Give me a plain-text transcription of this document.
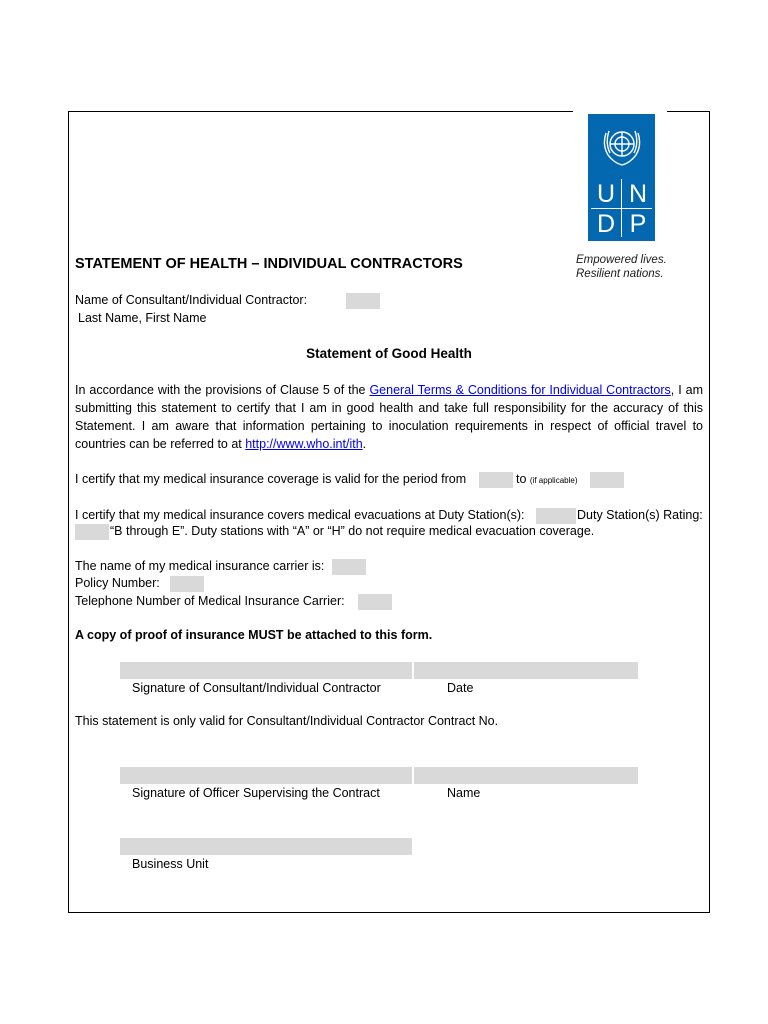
U N
D P
Empowered lives.
Resilient nations.
STATEMENT OF HEALTH – INDIVIDUAL CONTRACTORS
Name of Consultant/Individual Contractor:
Last Name, First Name
Statement of Good Health
In accordance with the provisions of Clause 5 of the General Terms & Conditions for Individual Contractors, I am submitting this statement to certify that I am in good health and take full responsibility for the accuracy of this Statement. I am aware that information pertaining to inoculation requirements in respect of official travel to countries can be referred to at http://www.who.int/ith.
I certify that my medical insurance coverage is valid for the period from	to (if applicable)
I certify that my medical insurance covers medical evacuations at Duty Station(s):	Duty Station(s) Rating:
“B through E”. Duty stations with “A” or “H” do not require medical evacuation coverage.
The name of my medical insurance carrier is:
Policy Number:
Telephone Number of Medical Insurance Carrier:
A copy of proof of insurance MUST be attached to this form.
Signature of Consultant/Individual Contractor	Date
This statement is only valid for Consultant/Individual Contractor Contract No.
Signature of Officer Supervising the Contract	Name
Business Unit
